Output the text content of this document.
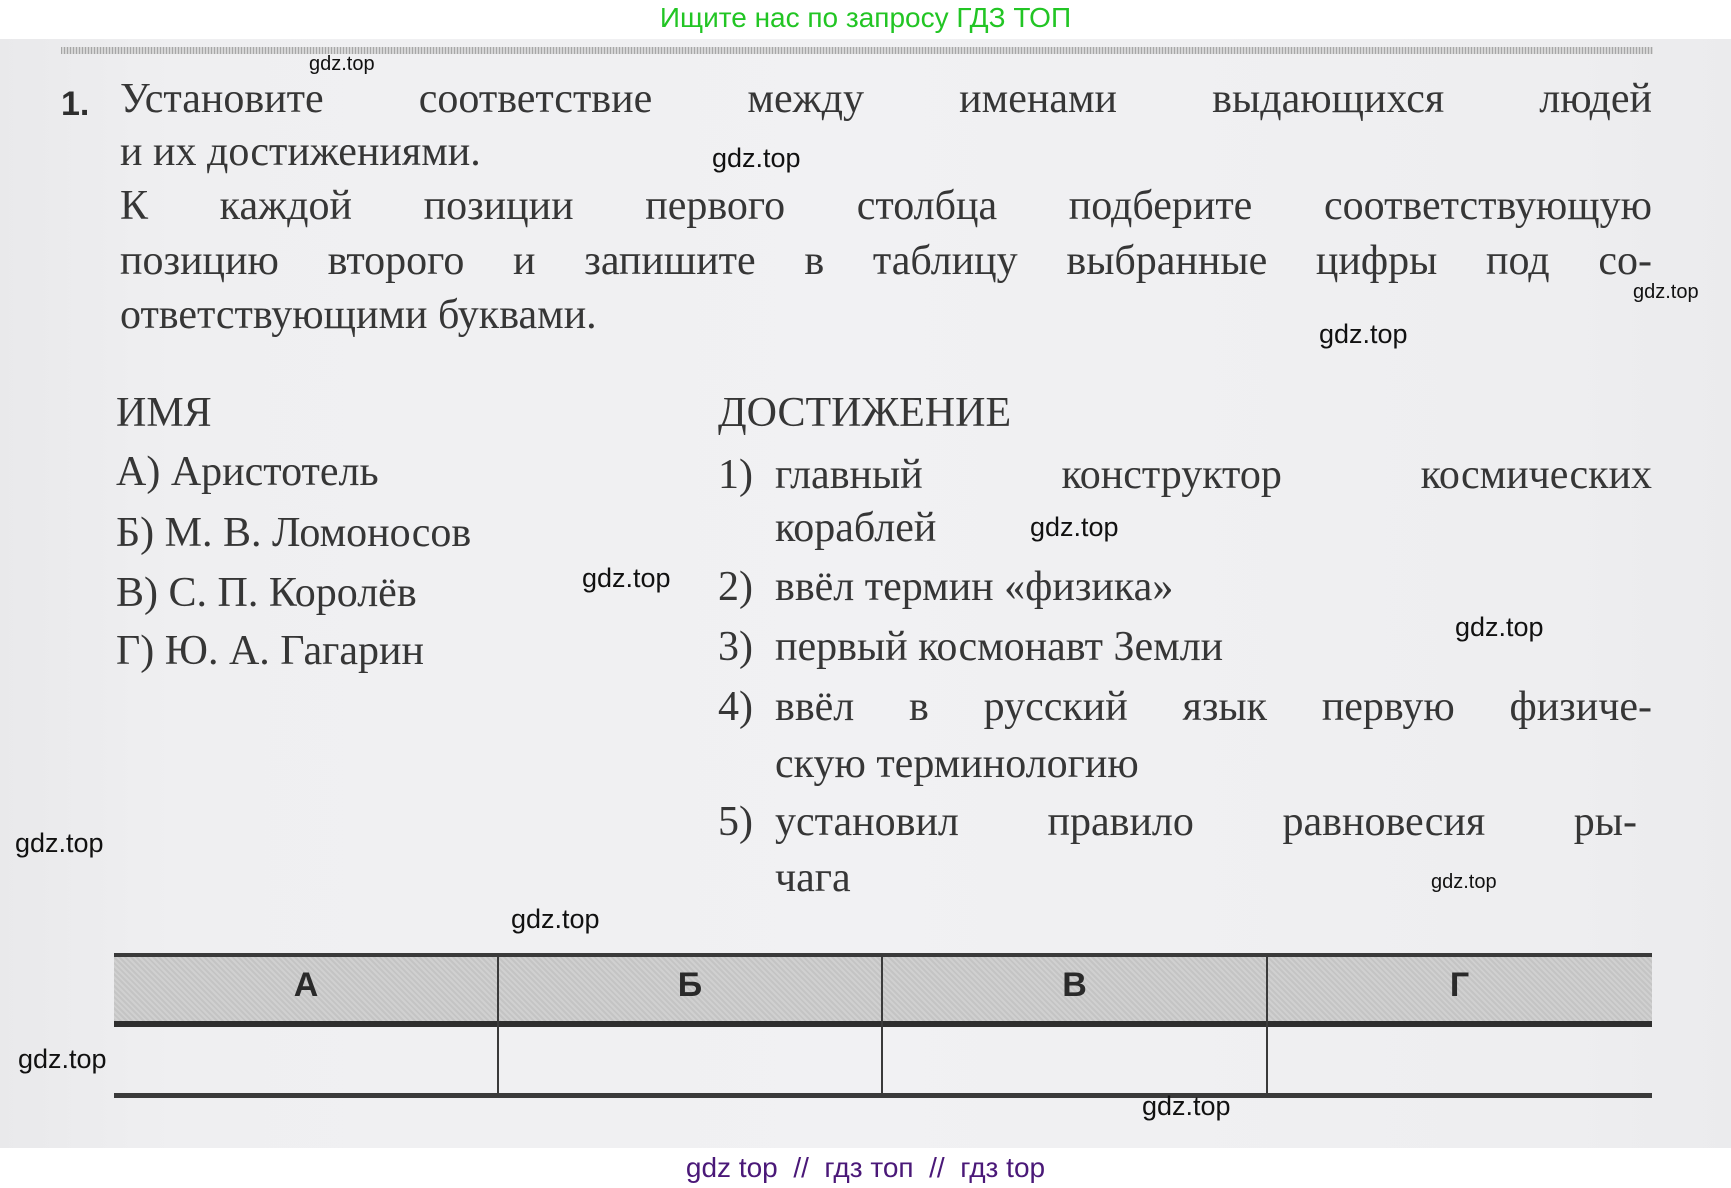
Ищите нас по запросу ГДЗ ТОП
1. Установите соответствие между именами выдающихся людей
и их достижениями.
К каждой позиции первого столбца подберите соответствующую
позицию второго и запишите в таблицу выбранные цифры под со-
ответствующими буквами.
ИМЯ
А) Аристотель
Б) М. В. Ломоносов
В) С. П. Королёв
Г) Ю. А. Гагарин
ДОСТИЖЕНИЕ
1) главный конструктор космических
кораблей
2) ввёл термин «физика»
3) первый космонавт Земли
4) ввёл в русский язык первую физиче-
скую терминологию
5) установил правило равновесия ры-
чага
А	Б	В	Г
gdz.top
gdz.top
gdz.top
gdz.top
gdz.top
gdz.top
gdz.top
gdz.top
gdz.top
gdz.top
gdz.top
gdz.top
gdz top  //  гдз топ  //  гдз top
